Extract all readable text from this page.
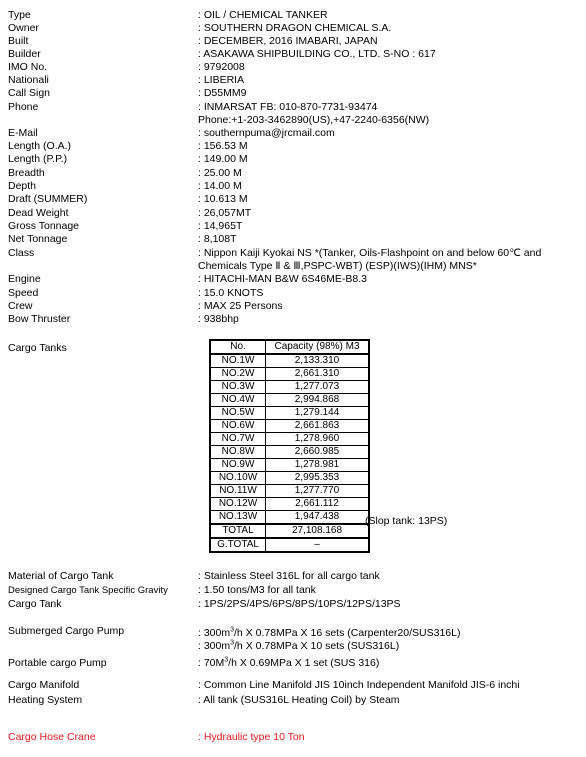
Type	: OIL / CHEMICAL TANKER
Owner	: SOUTHERN DRAGON CHEMICAL S.A.
Built	: DECEMBER, 2016 IMABARI, JAPAN
Builder	: ASAKAWA SHIPBUILDING CO., LTD. S-NO : 617
IMO No.	: 9792008
Nationali	: LIBERIA
Call Sign	: D55MM9
Phone	: INMARSAT FB: 010-870-7731-93474
Phone:+1-203-3462890(US),+47-2240-6356(NW)
E-Mail	: southernpuma@jrcmail.com
Length (O.A.)	: 156.53 M
Length (P.P.)	: 149.00 M
Breadth	: 25.00 M
Depth	: 14.00 M
Draft (SUMMER)	: 10.613 M
Dead Weight	: 26,057MT
Gross Tonnage	: 14,965T
Net Tonnage	: 8,108T
Class	: Nippon Kaiji Kyokai NS *(Tanker, Oils-Flashpoint on and below 60℃ and
Chemicals Type Ⅱ & Ⅲ,PSPC-WBT) (ESP)(IWS)(IHM) MNS*
Engine	: HITACHI-MAN B&W 6S46ME-B8.3
Speed	: 15.0 KNOTS
Crew	: MAX 25 Persons
Bow Thruster	: 938bhp
Cargo Tanks	No.	Capacity (98%) M3
NO.1W	2,133.310
NO.2W	2,661.310
NO.3W	1,277.073
NO.4W	2,994.868
NO.5W	1,279.144
NO.6W	2,661.863
NO.7W	1,278.960
NO.8W	2,660.985
NO.9W	1,278.981
NO.10W	2,995.353
NO.11W	1,277.770
NO.12W	2,661.112
NO.13W	1,947.438
TOTAL	27,108.168
G.TOTAL	–
(Slop tank: 13PS)
Material of Cargo Tank	: Stainless Steel 316L for all cargo tank
Designed Cargo Tank Specific Gravity	: 1.50 tons/M3 for all tank
Cargo Tank	: 1PS/2PS/4PS/6PS/8PS/10PS/12PS/13PS
Submerged Cargo Pump	: $300m^3/h$ X 0.78MPa X 16 sets (Carpenter20/SUS316L)
: $300m^3/h$ X 0.78MPa X 10 sets (SUS316L)
Portable cargo Pump	: $70M^3/h$ X 0.69MPa X 1 set (SUS 316)
Cargo Manifold	: Common Line Manifold JIS 10inch Independent Manifold JIS-6 inchi
Heating System	: All tank (SUS316L Heating Coil) by Steam
Cargo Hose Crane	: Hydraulic type 10 Ton
